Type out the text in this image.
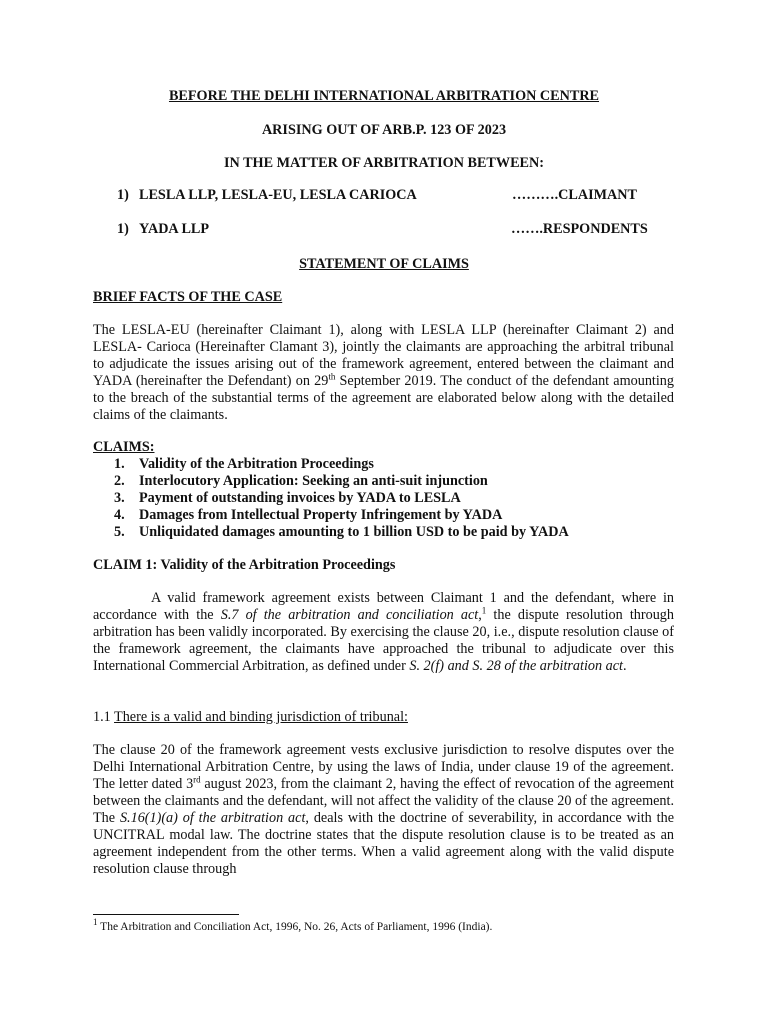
BEFORE THE DELHI INTERNATIONAL ARBITRATION CENTRE
ARISING OUT OF ARB.P. 123 OF 2023
IN THE MATTER OF ARBITRATION BETWEEN:
1) LESLA LLP, LESLA-EU, LESLA CARIOCA	……….CLAIMANT
1) YADA LLP	…….RESPONDENTS
STATEMENT OF CLAIMS
BRIEF FACTS OF THE CASE
The LESLA-EU (hereinafter Claimant 1), along with LESLA LLP (hereinafter Claimant 2) and LESLA- Carioca (Hereinafter Clamant 3), jointly the claimants are approaching the arbitral tribunal to adjudicate the issues arising out of the framework agreement, entered between the claimant and YADA (hereinafter the Defendant) on 29th September 2019. The conduct of the defendant amounting to the breach of the substantial terms of the agreement are elaborated below along with the detailed claims of the claimants.
CLAIMS:
1. Validity of the Arbitration Proceedings
2. Interlocutory Application: Seeking an anti-suit injunction
3. Payment of outstanding invoices by YADA to LESLA
4. Damages from Intellectual Property Infringement by YADA
5. Unliquidated damages amounting to 1 billion USD to be paid by YADA
CLAIM 1: Validity of the Arbitration Proceedings
A valid framework agreement exists between Claimant 1 and the defendant, where in accordance with the S.7 of the arbitration and conciliation act,$^1$ the dispute resolution through arbitration has been validly incorporated. By exercising the clause 20, i.e., dispute resolution clause of the framework agreement, the claimants have approached the tribunal to adjudicate over this International Commercial Arbitration, as defined under S. 2(f) and S. 28 of the arbitration act.
1.1 There is a valid and binding jurisdiction of tribunal:
The clause 20 of the framework agreement vests exclusive jurisdiction to resolve disputes over the Delhi International Arbitration Centre, by using the laws of India, under clause 19 of the agreement. The letter dated 3rd august 2023, from the claimant 2, having the effect of revocation of the agreement between the claimants and the defendant, will not affect the validity of the clause 20 of the agreement. The S.16(1)(a) of the arbitration act, deals with the doctrine of severability, in accordance with the UNCITRAL modal law. The doctrine states that the dispute resolution clause is to be treated as an agreement independent from the other terms. When a valid agreement along with the valid dispute resolution clause through
$^1$ The Arbitration and Conciliation Act, 1996, No. 26, Acts of Parliament, 1996 (India).
